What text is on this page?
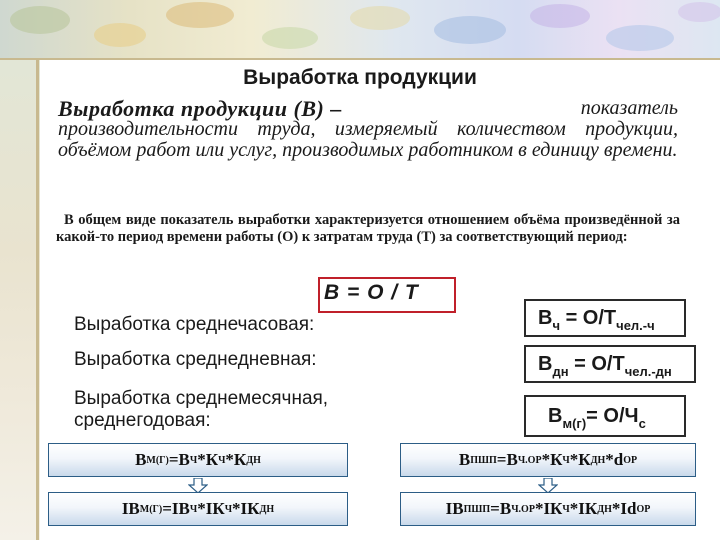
Выработка продукции
Выработка продукции (В) –	показатель
производительности труда, измеряемый количеством продукции, объёмом работ или услуг, производимых работником в единицу времени.
В общем виде показатель выработки характеризуется отношением объёма произведённой за какой-то период времени работы (О) к затратам труда (Т) за соответствующий период:
В = О / Т
Выработка среднечасовая:	$В_ч = О/Т_{чел.-ч}$
Выработка среднедневная:	$В_{дн} = О/Т_{чел.-дн}$
Выработка среднемесячная,
среднегодовая:	$В_{м(г)}= О/Ч_с$
В М(Г) =В Ч *К Ч *К ДН	В ПШП =В Ч.ОР *К Ч *К ДН *d ОР
IВ М(Г) =IВ Ч *IК Ч *IК ДН	IВ ПШП =В Ч.ОР *IК Ч *IК ДН *Id ОР
